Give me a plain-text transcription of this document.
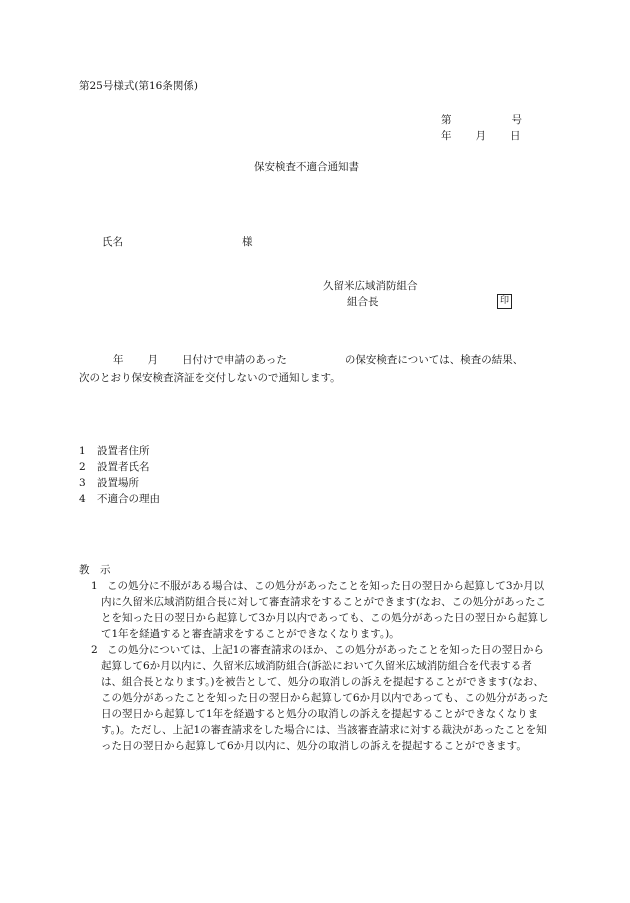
第25号様式(第16条関係)
第	号
年 月 日
保安検査不適合通知書
氏名	様
久留米広域消防組合
組合長	印
年 月 日付けで申請のあった	の保安検査については、検査の結果、
次のとおり保安検査済証を交付しないので通知します。
1 設置者住所
2 設置者氏名
3 設置場所
4 不適合の理由
教　示

1 この処分に不服がある場合は、この処分があったことを知った日の翌日から起算して3か月以内に久留米広域消防組合長に対して審査請求をすることができます(なお、この処分があったことを知った日の翌日から起算して3か月以内であっても、この処分があった日の翌日から起算して1年を経過すると審査請求をすることができなくなります。)。

2 この処分については、上記1の審査請求のほか、この処分があったことを知った日の翌日から起算して6か月以内に、久留米広域消防組合(訴訟において久留米広域消防組合を代表する者は、組合長となります。)を被告として、処分の取消しの訴えを提起することができます(なお、この処分があったことを知った日の翌日から起算して6か月以内であっても、この処分があった日の翌日から起算して1年を経過すると処分の取消しの訴えを提起することができなくなります。)。ただし、上記1の審査請求をした場合には、当該審査請求に対する裁決があったことを知った日の翌日から起算して6か月以内に、処分の取消しの訴えを提起することができます。
